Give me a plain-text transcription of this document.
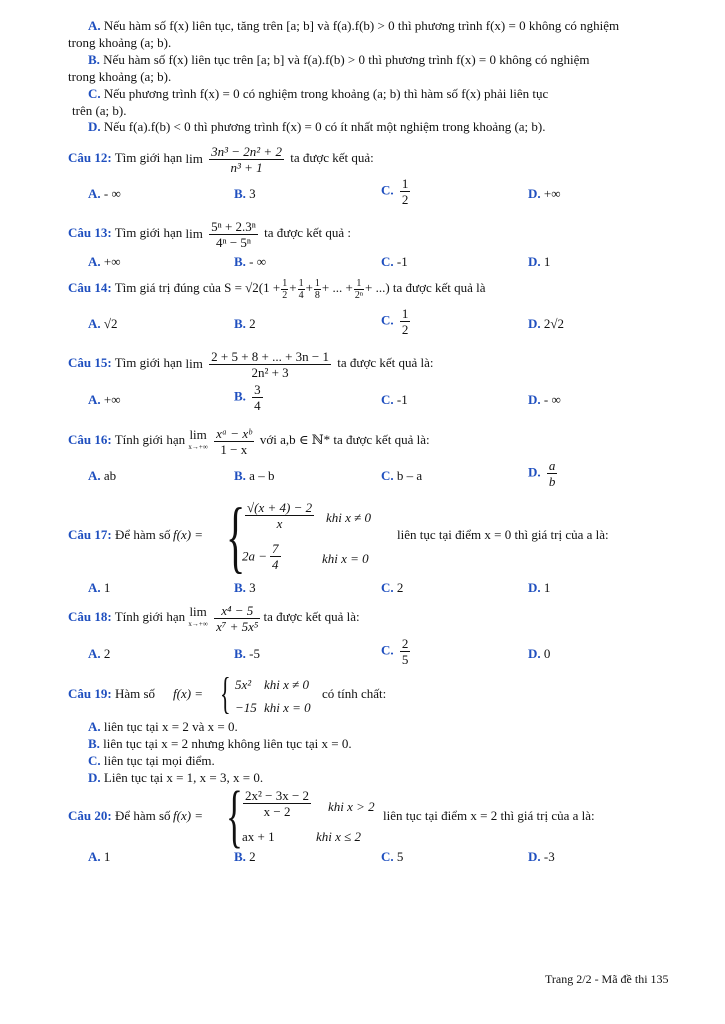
A. Nếu hàm số f(x) liên tục, tăng trên [a; b] và f(a).f(b) > 0 thì phương trình f(x) = 0 không có nghiệm
trong khoảng (a; b).
B. Nếu hàm số f(x) liên tục trên [a; b] và f(a).f(b) > 0 thì phương trình f(x) = 0 không có nghiệm
trong khoảng (a; b).
C. Nếu phương trình f(x) = 0 có nghiệm trong khoảng (a; b) thì hàm số f(x) phải liên tục
trên (a; b).
D. Nếu f(a).f(b) < 0 thì phương trình f(x) = 0 có ít nhất một nghiệm trong khoảng (a; b).
Câu 12: Tìm giới hạn $\lim \frac{\text{3n³ − 2n² + 2}}{\text{n³ + 1}}$ ta được kết quả:
A. - ∞	B. 3	C. $\frac{1}{2}$	D. +∞
Câu 13: Tìm giới hạn $\lim \frac{\text{5ⁿ + 2.3ⁿ}}{\text{4ⁿ − 5ⁿ}}$ ta được kết quả :
A. +∞	B. - ∞	C. -1	D. 1
Câu 14: Tìm giá trị đúng của $S = √2(1 + \frac{1}{2} + \frac{1}{4} + \frac{1}{8}$ + ... + $\frac{1}{\text{2ⁿ}}$ + ...) ta được kết quả là
A. √2	B. 2	C. $\frac{1}{2}$	D. 2√2
Câu 15: Tìm giới hạn $\lim \frac{2 + 5 + 8 + ... + 3n - 1}{\text{2n² + 3}}$ ta được kết quả là:
A. +∞	B. $\frac{3}{4}$	C. -1	D. - ∞
Câu 16: Tính giới hạn lim
x→+∞
$\frac{\text{xᵃ − xᵇ}}{1 - x}$ với a,b ∈ ℕ* ta được kết quả là:
A. ab	B. a – b	C. b – a	D. $\frac{a}{b}$
Câu 17: Để hàm số f(x) = { $\frac{√(x + 4) - 2}{x}$ khi x ≠ 0
$2a - \frac{7}{4}$	khi x = 0
liên tục tại điểm x = 0 thì giá trị của a là:
A. 1	B. 3	C. 2	D. 1
Câu 18: Tính giới hạn lim
x→+∞
$\frac{\text{x⁴ − 5}}{\text{x⁷ + 5x⁵}}$ ta được kết quả là:
A. 2	B. -5	C. $\frac{2}{5}$	D. 0
Câu 19: Hàm số f(x) = { 5x² khi x ≠ 0
−15 khi x = 0
có tính chất:
A. liên tục tại x = 2 và x = 0.
B. liên tục tại x = 2 nhưng không liên tục tại x = 0.
C. liên tục tại mọi điểm.
D. Liên tục tại x = 1, x = 3, x = 0.
Câu 20: Để hàm số f(x) = { $\frac{\text{2x² − 3x − 2}}{x - 2}$ khi x > 2
ax + 1	khi x ≤ 2
liên tục tại điểm x = 2 thì giá trị của a là:
A. 1	B. 2	C. 5	D. -3
Trang 2/2 - Mã đề thi 135
